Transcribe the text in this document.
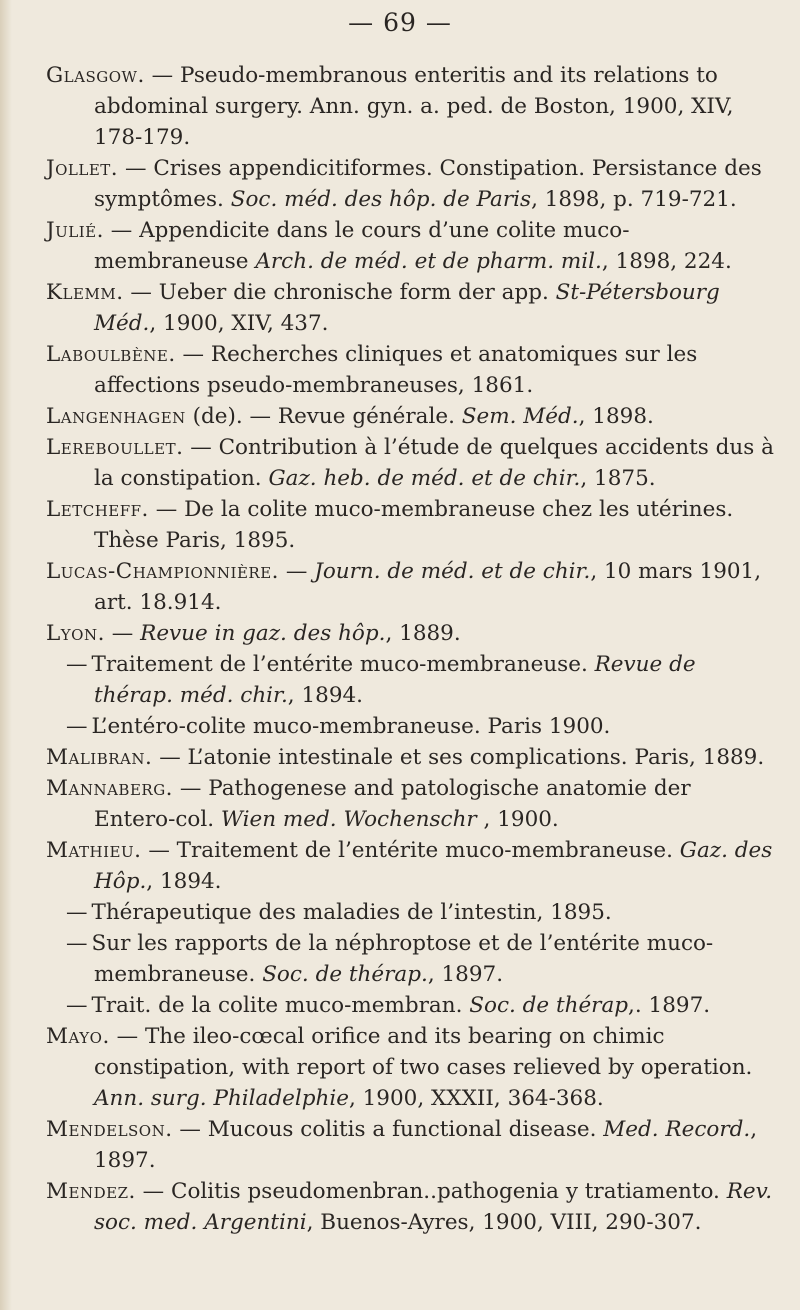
— 69 —
Glasgow. — Pseudo-membranous enteritis and its relations to abdominal surgery. Ann. gyn. a. ped. de Boston, 1900, XIV, 178-179.
Jollet. — Crises appendicitiformes. Constipation. Persistance des symptômes. Soc. méd. des hôp. de Paris, 1898, p. 719-721.
Julié. — Appendicite dans le cours d’une colite muco-membraneuse Arch. de méd. et de pharm. mil., 1898, 224.
Klemm. — Ueber die chronische form der app. St-Pétersbourg Méd., 1900, XIV, 437.
Laboulbène. — Recherches cliniques et anatomiques sur les affections pseudo-membraneuses, 1861.
Langenhagen (de). — Revue générale. Sem. Méd., 1898.
Lereboullet. — Contribution à l’étude de quelques accidents dus à la constipation. Gaz. heb. de méd. et de chir., 1875.
Letcheff. — De la colite muco-membraneuse chez les utérines. Thèse Paris, 1895.
Lucas-Championnière. — Journ. de méd. et de chir., 10 mars 1901, art. 18.914.
Lyon. — Revue in gaz. des hôp., 1889.
— Traitement de l’entérite muco-membraneuse. Revue de thérap. méd. chir., 1894.
— L’entéro-colite muco-membraneuse. Paris 1900.
Malibran. — L’atonie intestinale et ses complications. Paris, 1889.
Mannaberg. — Pathogenese and patologische anatomie der Entero-col. Wien med. Wochenschr , 1900.
Mathieu. — Traitement de l’entérite muco-membraneuse. Gaz. des Hôp., 1894.
— Thérapeutique des maladies de l’intestin, 1895.
— Sur les rapports de la néphroptose et de l’entérite muco-membraneuse. Soc. de thérap., 1897.
— Trait. de la colite muco-membran. Soc. de thérap,. 1897.
Mayo. — The ileo-cœcal orifice and its bearing on chimic constipation, with report of two cases relieved by operation. Ann. surg. Philadelphie, 1900, XXXII, 364-368.
Mendelson. — Mucous colitis a functional disease. Med. Record., 1897.
Mendez. — Colitis pseudomenbran..pathogenia y tratiamento. Rev. soc. med. Argentini, Buenos-Ayres, 1900, VIII, 290-307.
